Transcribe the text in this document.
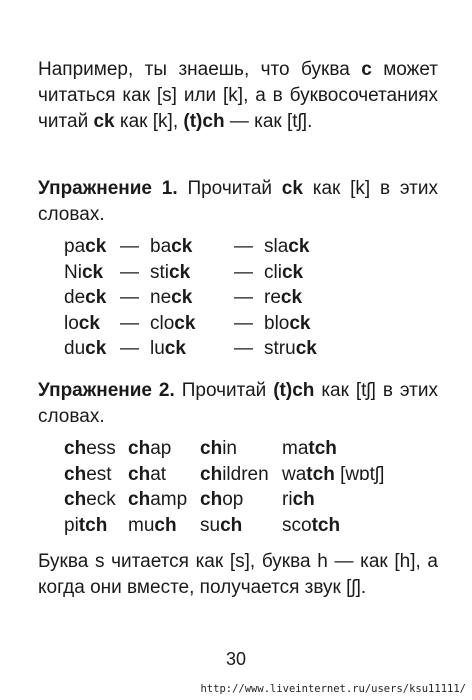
Например, ты знаешь, что буква c может читаться как [s] или [k], а в буквосочетаниях читай ck как [k], (t)ch — как [tʃ].
Упражнение 1. Прочитай ck как [k] в этих словах.
pack—back—slack
Nick—stick—click
deck—neck—reck
lock—clock—block
duck—luck	—struck
Упражнение 2. Прочитай (t)ch как [tʃ] в этих словах.
chess chap chin match
chest chat children watch [wɒtʃ]
check champ chop rich
pitch much such scotch
Буква s читается как [s], буква h — как [h], а когда они вместе, получается звук [ʃ].
30
http://www.liveinternet.ru/users/ksu11111/
